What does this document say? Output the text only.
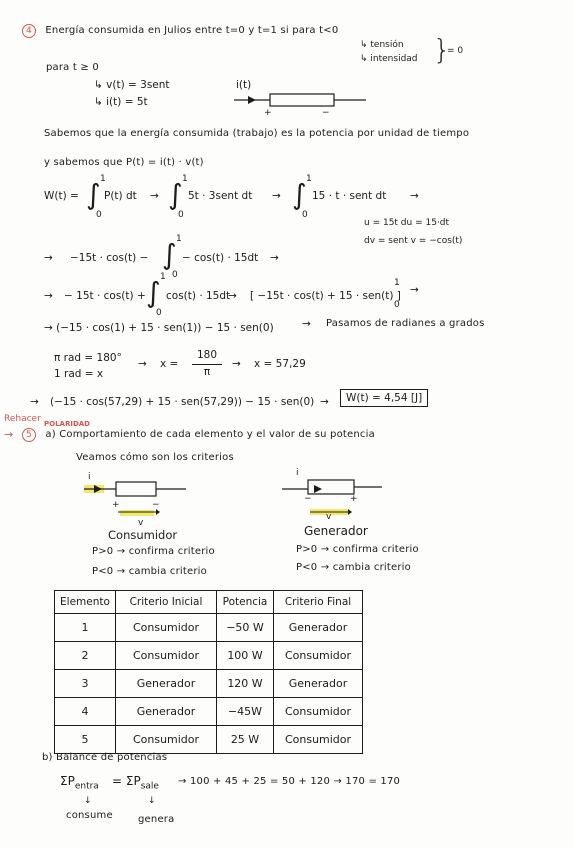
4 Energía consumida en Julios entre t=0 y t=1 si para t<0
↳ tensión
↳ intensidad }
= 0
para t ≥ 0
↳ v(t) = 3sent
↳ i(t) = 5t
i(t)
+	−
Sabemos que la energía consumida (trabajo) es la potencia por unidad de tiempo
y sabemos que P(t) = i(t) · v(t)
W(t) = ∫ 1
0
P(t) dt → ∫ 1
0
5t · 3sent dt → ∫ 1
0
15 · t · sent dt →
u = 15t du = 15·dt
dv = sent v = −cos(t)
→ −15t · cos(t) − ∫ 1
0
− cos(t) · 15dt →
→ − 15t · cos(t) + ∫ 1
0
cos(t) · 15dt
→ [ −15t · cos(t) + 15 · sen(t) ]
1
0
→
→ (−15 · cos(1) + 15 · sen(1)) − 15 · sen(0)	→ Pasamos de radianes a grados
π rad = 180°
1 rad = x
→ x =
180
π
→ x = 57,29
→ (−15 · cos(57,29) + 15 · sen(57,29)) − 15 · sen(0) →	W(t) = 4,54 [J]
Rehacer POLARIDAD
→	5 a) Comportamiento de cada elemento y el valor de su potencia
Veamos cómo son los criterios
i
+	−
v
i
−	+
v
Consumidor
P>0 → confirma criterio
P<0 → cambia criterio
Generador
P>0 → confirma criterio
P<0 → cambia criterio
Elemento	Criterio Inicial	Potencia	Criterio Final
1	Consumidor	−50 W	Generador
2	Consumidor	100 W	Consumidor
3	Generador	120 W	Generador
4	Generador	−45W	Consumidor
5	Consumidor	25 W	Consumidor
b) Balance de potencias
$\Sigma P_{entra} = \Sigma P_{sale} \to 100 + 45 + 25 = 50 + 120 \to 170 = 170$
↓	↓
consume	genera
